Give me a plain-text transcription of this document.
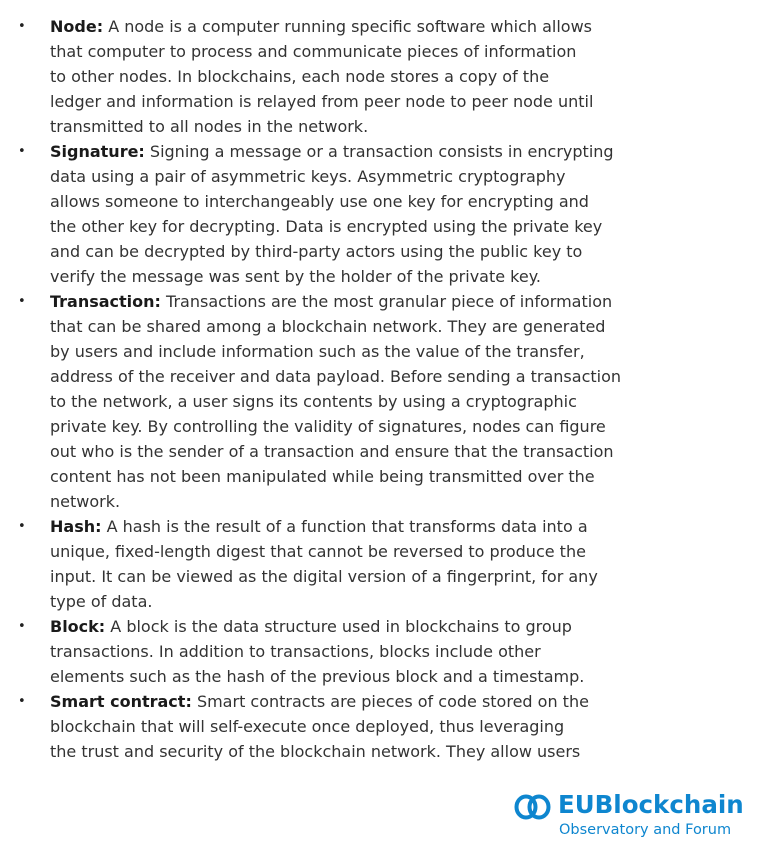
• Node: A node is a computer running specific software which allows
that computer to process and communicate pieces of information
to other nodes. In blockchains, each node stores a copy of the
ledger and information is relayed from peer node to peer node until
transmitted to all nodes in the network.
• Signature: Signing a message or a transaction consists in encrypting
data using a pair of asymmetric keys. Asymmetric cryptography
allows someone to interchangeably use one key for encrypting and
the other key for decrypting. Data is encrypted using the private key
and can be decrypted by third-party actors using the public key to
verify the message was sent by the holder of the private key.
• Transaction: Transactions are the most granular piece of information
that can be shared among a blockchain network. They are generated
by users and include information such as the value of the transfer,
address of the receiver and data payload. Before sending a transaction
to the network, a user signs its contents by using a cryptographic
private key. By controlling the validity of signatures, nodes can figure
out who is the sender of a transaction and ensure that the transaction
content has not been manipulated while being transmitted over the
network.
• Hash: A hash is the result of a function that transforms data into a
unique, fixed-length digest that cannot be reversed to produce the
input. It can be viewed as the digital version of a fingerprint, for any
type of data.
• Block: A block is the data structure used in blockchains to group
transactions. In addition to transactions, blocks include other
elements such as the hash of the previous block and a timestamp.
• Smart contract: Smart contracts are pieces of code stored on the
blockchain that will self-execute once deployed, thus leveraging
the trust and security of the blockchain network. They allow users
EUBlockchain
Observatory and Forum
